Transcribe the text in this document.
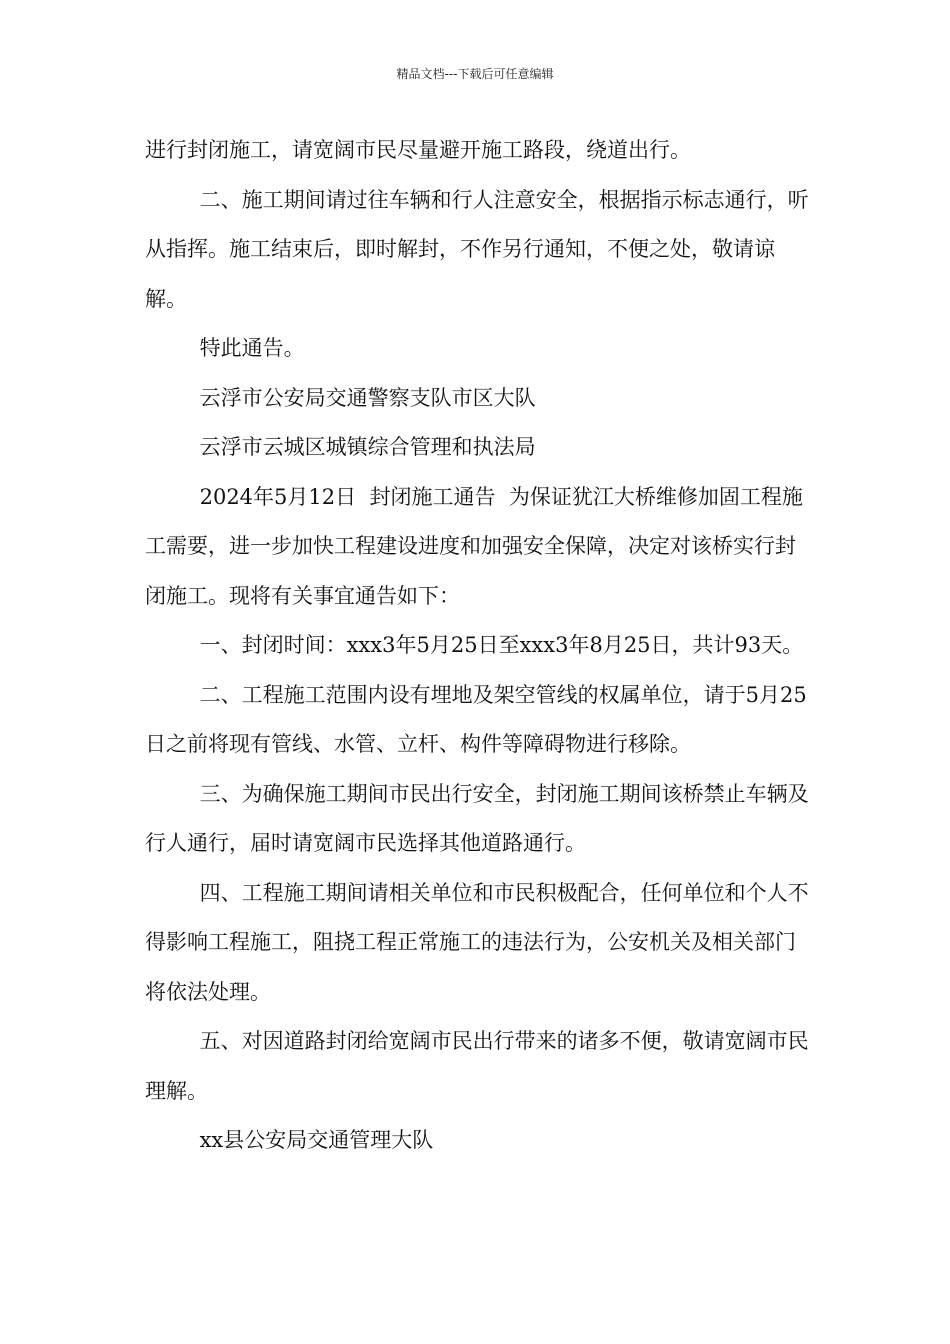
精品文档---下载后可任意编辑

进行封闭施工，请宽阔市民尽量避开施工路段，绕道出行。

二、施工期间请过往车辆和行人注意安全，根据指示标志通行，听从指挥。施工结束后，即时解封，不作另行通知，不便之处，敬请谅解。

特此通告。

云浮市公安局交通警察支队市区大队

云浮市云城区城镇综合管理和执法局

2024年5月12日  封闭施工通告  为保证犹江大桥维修加固工程施工需要，进一步加快工程建设进度和加强安全保障，决定对该桥实行封闭施工。现将有关事宜通告如下：

一、封闭时间：xxx3年5月25日至xxx3年8月25日，共计93天。

二、工程施工范围内设有埋地及架空管线的权属单位，请于5月25日之前将现有管线、水管、立杆、构件等障碍物进行移除。

三、为确保施工期间市民出行安全，封闭施工期间该桥禁止车辆及行人通行，届时请宽阔市民选择其他道路通行。

四、工程施工期间请相关单位和市民积极配合，任何单位和个人不得影响工程施工，阻挠工程正常施工的违法行为，公安机关及相关部门将依法处理。

五、对因道路封闭给宽阔市民出行带来的诸多不便，敬请宽阔市民理解。

xx县公安局交通管理大队
